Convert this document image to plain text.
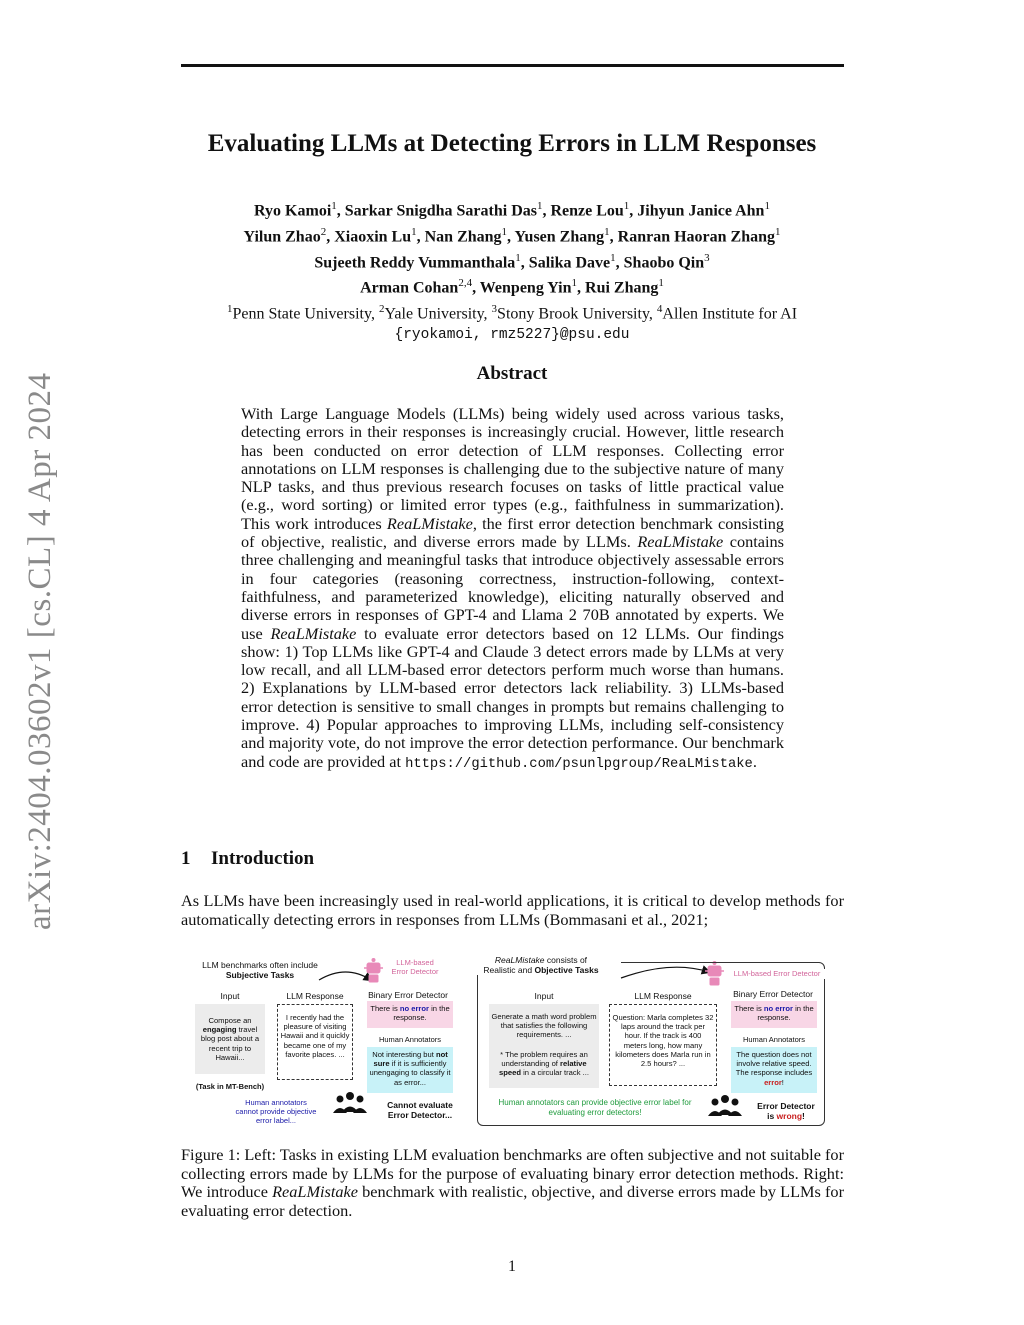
arXiv:2404.03602v1 [cs.CL] 4 Apr 2024
Evaluating LLMs at Detecting Errors in LLM Responses
Ryo Kamoi$^1$, Sarkar Snigdha Sarathi Das$^1$, Renze Lou$^1$, Jihyun Janice Ahn$^1$
Yilun Zhao$^2$, Xiaoxin Lu$^1$, Nan Zhang$^1$, Yusen Zhang$^1$, Ranran Haoran Zhang$^1$
Sujeeth Reddy Vummanthala$^1$, Salika Dave$^1$, Shaobo Qin$^3$
Arman Cohan$^{2,4}$, Wenpeng Yin$^1$, Rui Zhang$^1$
$^1$Penn State University, $^2$Yale University, $^3$Stony Brook University, $^4$Allen Institute for AI
{ryokamoi, rmz5227}@psu.edu
Abstract
With Large Language Models (LLMs) being widely used across various tasks, detecting errors in their responses is increasingly crucial. However, little research has been conducted on error detection of LLM responses. Collecting error annotations on LLM responses is challenging due to the subjective nature of many NLP tasks, and thus previous research focuses on tasks of little practical value (e.g., word sorting) or limited error types (e.g., faithfulness in summarization). This work introduces ReaLMistake, the first error detection benchmark consisting of objective, realistic, and diverse errors made by LLMs. ReaLMistake contains three challenging and meaningful tasks that introduce objectively assessable errors in four categories (reasoning correctness, instruction-following, context-faithfulness, and parameterized knowledge), eliciting naturally observed and diverse errors in responses of GPT-4 and Llama 2 70B annotated by experts. We use ReaLMistake to evaluate error detectors based on 12 LLMs. Our findings show: 1) Top LLMs like GPT-4 and Claude 3 detect errors made by LLMs at very low recall, and all LLM-based error detectors perform much worse than humans. 2) Explanations by LLM-based error detectors lack reliability. 3) LLMs-based error detection is sensitive to small changes in prompts but remains challenging to improve. 4) Popular approaches to improving LLMs, including self-consistency and majority vote, do not improve the error detection performance. Our benchmark and code are provided at https://github.com/psunlpgroup/ReaLMistake.
1 Introduction
As LLMs have been increasingly used in real-world applications, it is critical to develop methods for automatically detecting errors in responses from LLMs (Bommasani et al., 2021;
LLM benchmarks often include
Subjective Tasks
LLM-based
Error Detector
Input	LLM Response	Binary Error Detector
Compose an engaging travel blog post about a recent trip to Hawaii...
I recently had the pleasure of visiting Hawaii and it quickly became one of my favorite places. ...
There is no error in the response.
Human Annotators
Not interesting but not sure if it is sufficiently unengaging to classify it as error...
(Task in MT-Bench)
Human annotators cannot provide objective error label...
Cannot evaluate
Error Detector...
ReaLMistake consists of
Realistic and Objective Tasks	LLM-based Error Detector
Input	LLM Response	Binary Error Detector
Generate a math word problem that satisfies the following requirements. ...
* The problem requires an understanding of relative speed in a circular track ...
Question: Marla completes 32 laps around the track per hour. If the track is 400 meters long, how many kilometers does Marla run in 2.5 hours? ...
There is no error in the response.
Human Annotators
The question does not involve relative speed. The response includes error!
Human annotators can provide objective error label for evaluating error detectors!
Error Detector
is wrong!
Figure 1: Left: Tasks in existing LLM evaluation benchmarks are often subjective and not suitable for collecting errors made by LLMs for the purpose of evaluating binary error detection methods. Right: We introduce ReaLMistake benchmark with realistic, objective, and diverse errors made by LLMs for evaluating error detection.
1
